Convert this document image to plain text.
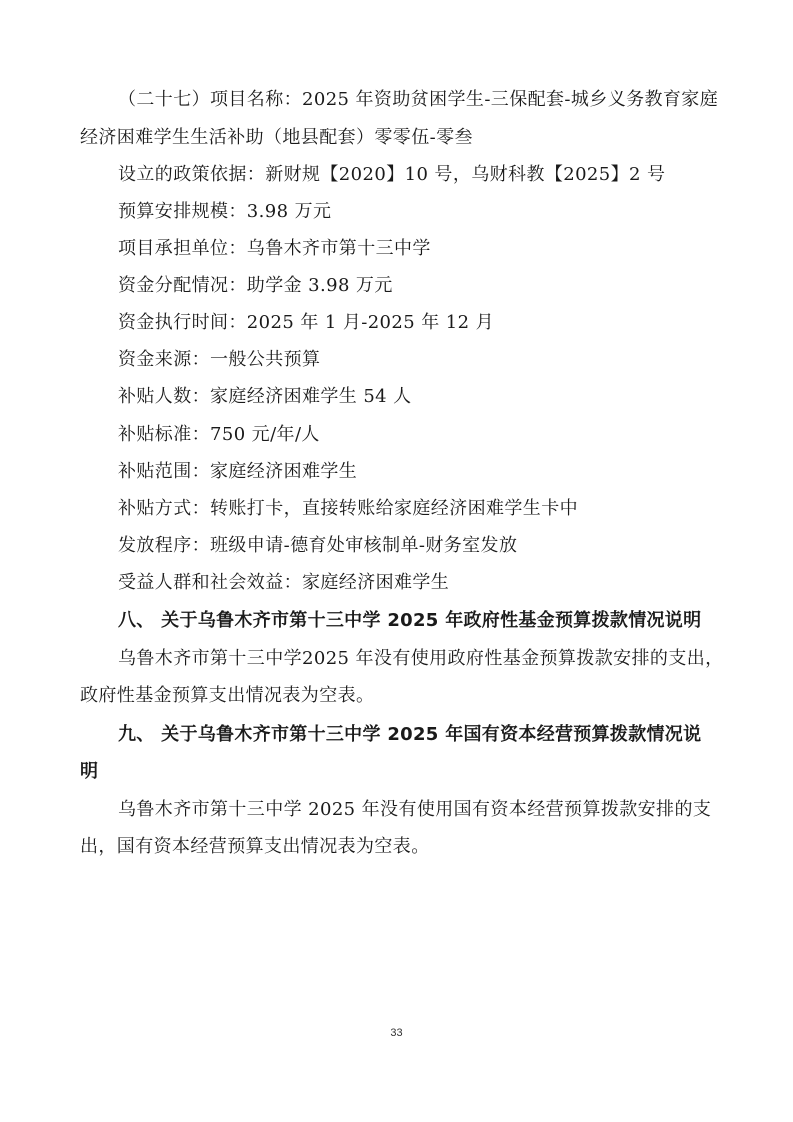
（二十七）项目名称：2025 年资助贫困学生-三保配套-城乡义务教育家庭
经济困难学生生活补助（地县配套）零零伍-零叁
设立的政策依据：新财规【2020】10 号，乌财科教【2025】2 号
预算安排规模：3.98 万元
项目承担单位：乌鲁木齐市第十三中学
资金分配情况：助学金 3.98 万元
资金执行时间：2025 年 1 月-2025 年 12 月
资金来源：一般公共预算
补贴人数：家庭经济困难学生 54 人
补贴标准：750 元/年/人
补贴范围：家庭经济困难学生
补贴方式：转账打卡，直接转账给家庭经济困难学生卡中
发放程序：班级申请-德育处审核制单-财务室发放
受益人群和社会效益：家庭经济困难学生
八、 关于乌鲁木齐市第十三中学 2025 年政府性基金预算拨款情况说明
乌鲁木齐市第十三中学2025 年没有使用政府性基金预算拨款安排的支出，
政府性基金预算支出情况表为空表。
九、 关于乌鲁木齐市第十三中学 2025 年国有资本经营预算拨款情况说
明
乌鲁木齐市第十三中学 2025 年没有使用国有资本经营预算拨款安排的支
出，国有资本经营预算支出情况表为空表。
33
